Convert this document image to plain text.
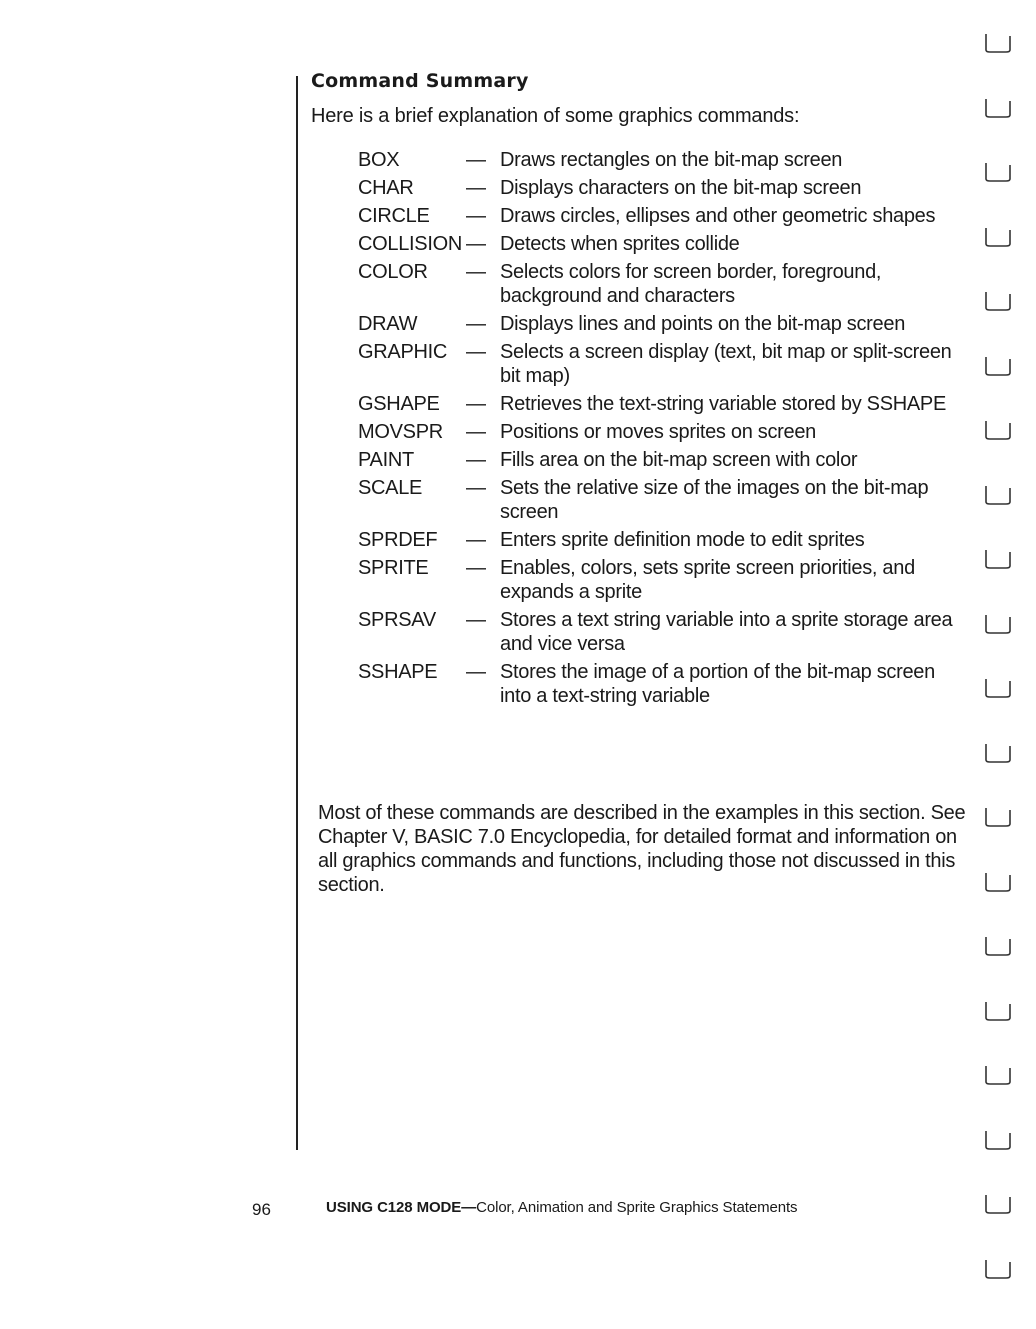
Command Summary
Here is a brief explanation of some graphics commands:
BOX	— Draws rectangles on the bit-map screen
CHAR	— Displays characters on the bit-map screen
CIRCLE	— Draws circles, ellipses and other geometric shapes
COLLISION — Detects when sprites collide
COLOR	— Selects colors for screen border, foreground, background and characters
DRAW	— Displays lines and points on the bit-map screen
GRAPHIC — Selects a screen display (text, bit map or split-screen bit map)
GSHAPE	— Retrieves the text-string variable stored by SSHAPE
MOVSPR	— Positions or moves sprites on screen
PAINT	— Fills area on the bit-map screen with color
SCALE	— Sets the relative size of the images on the bit-map screen
SPRDEF	— Enters sprite definition mode to edit sprites
SPRITE	— Enables, colors, sets sprite screen priorities, and expands a sprite
SPRSAV	— Stores a text string variable into a sprite storage area and vice versa
SSHAPE	— Stores the image of a portion of the bit-map screen into a text-string variable
Most of these commands are described in the examples in this section. See Chapter V, BASIC 7.0 Encyclopedia, for detailed format and information on all graphics commands and functions, including those not discussed in this section.
96	USING C128 MODE—Color, Animation and Sprite Graphics Statements
